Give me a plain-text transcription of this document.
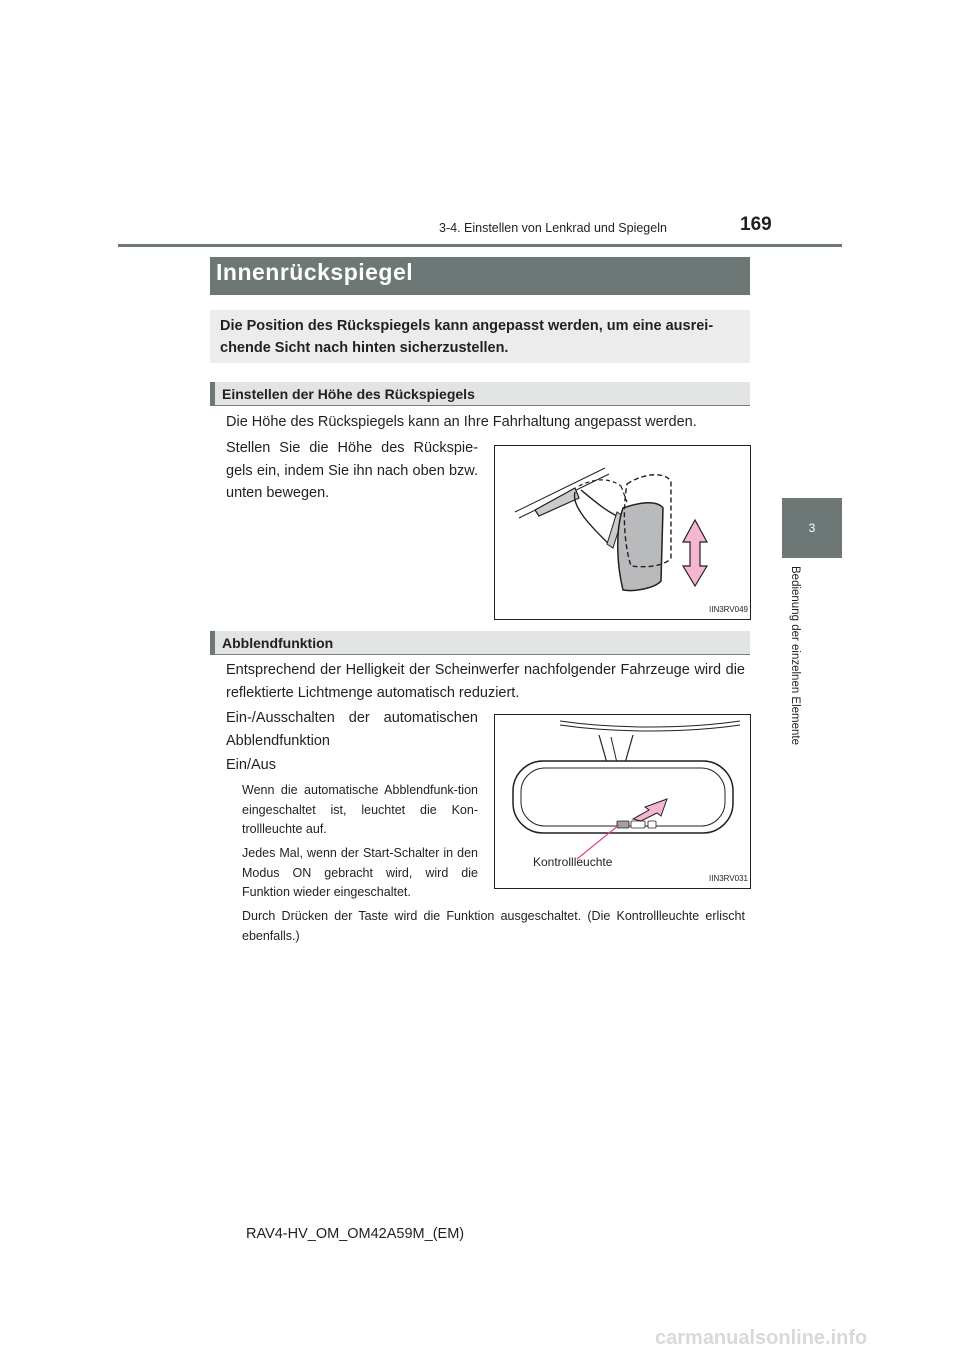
3-4. Einstellen von Lenkrad und Spiegeln	169
3
Bedienung der einzelnen Elemente
Innenrückspiegel
Die Position des Rückspiegels kann angepasst werden, um eine ausrei-chende Sicht nach hinten sicherzustellen.
Einstellen der Höhe des Rückspiegels
Die Höhe des Rückspiegels kann an Ihre Fahrhaltung angepasst werden.
Stellen Sie die Höhe des Rückspie-gels ein, indem Sie ihn nach oben bzw. unten bewegen.
IIN3RV049
Abblendfunktion
Entsprechend der Helligkeit der Scheinwerfer nachfolgender Fahrzeuge wird die reflektierte Lichtmenge automatisch reduziert.
Ein-/Ausschalten der automatischen Abblendfunktion
Ein/Aus
Wenn die automatische Abblendfunk-tion eingeschaltet ist, leuchtet die Kon-trollleuchte auf.
Jedes Mal, wenn der Start-Schalter in den Modus ON gebracht wird, wird die Funktion wieder eingeschaltet.
Durch Drücken der Taste wird die Funktion ausgeschaltet. (Die Kontrollleuchte erlischt ebenfalls.)
Kontrollleuchte
IIN3RV031
RAV4-HV_OM_OM42A59M_(EM)
carmanualsonline.info
